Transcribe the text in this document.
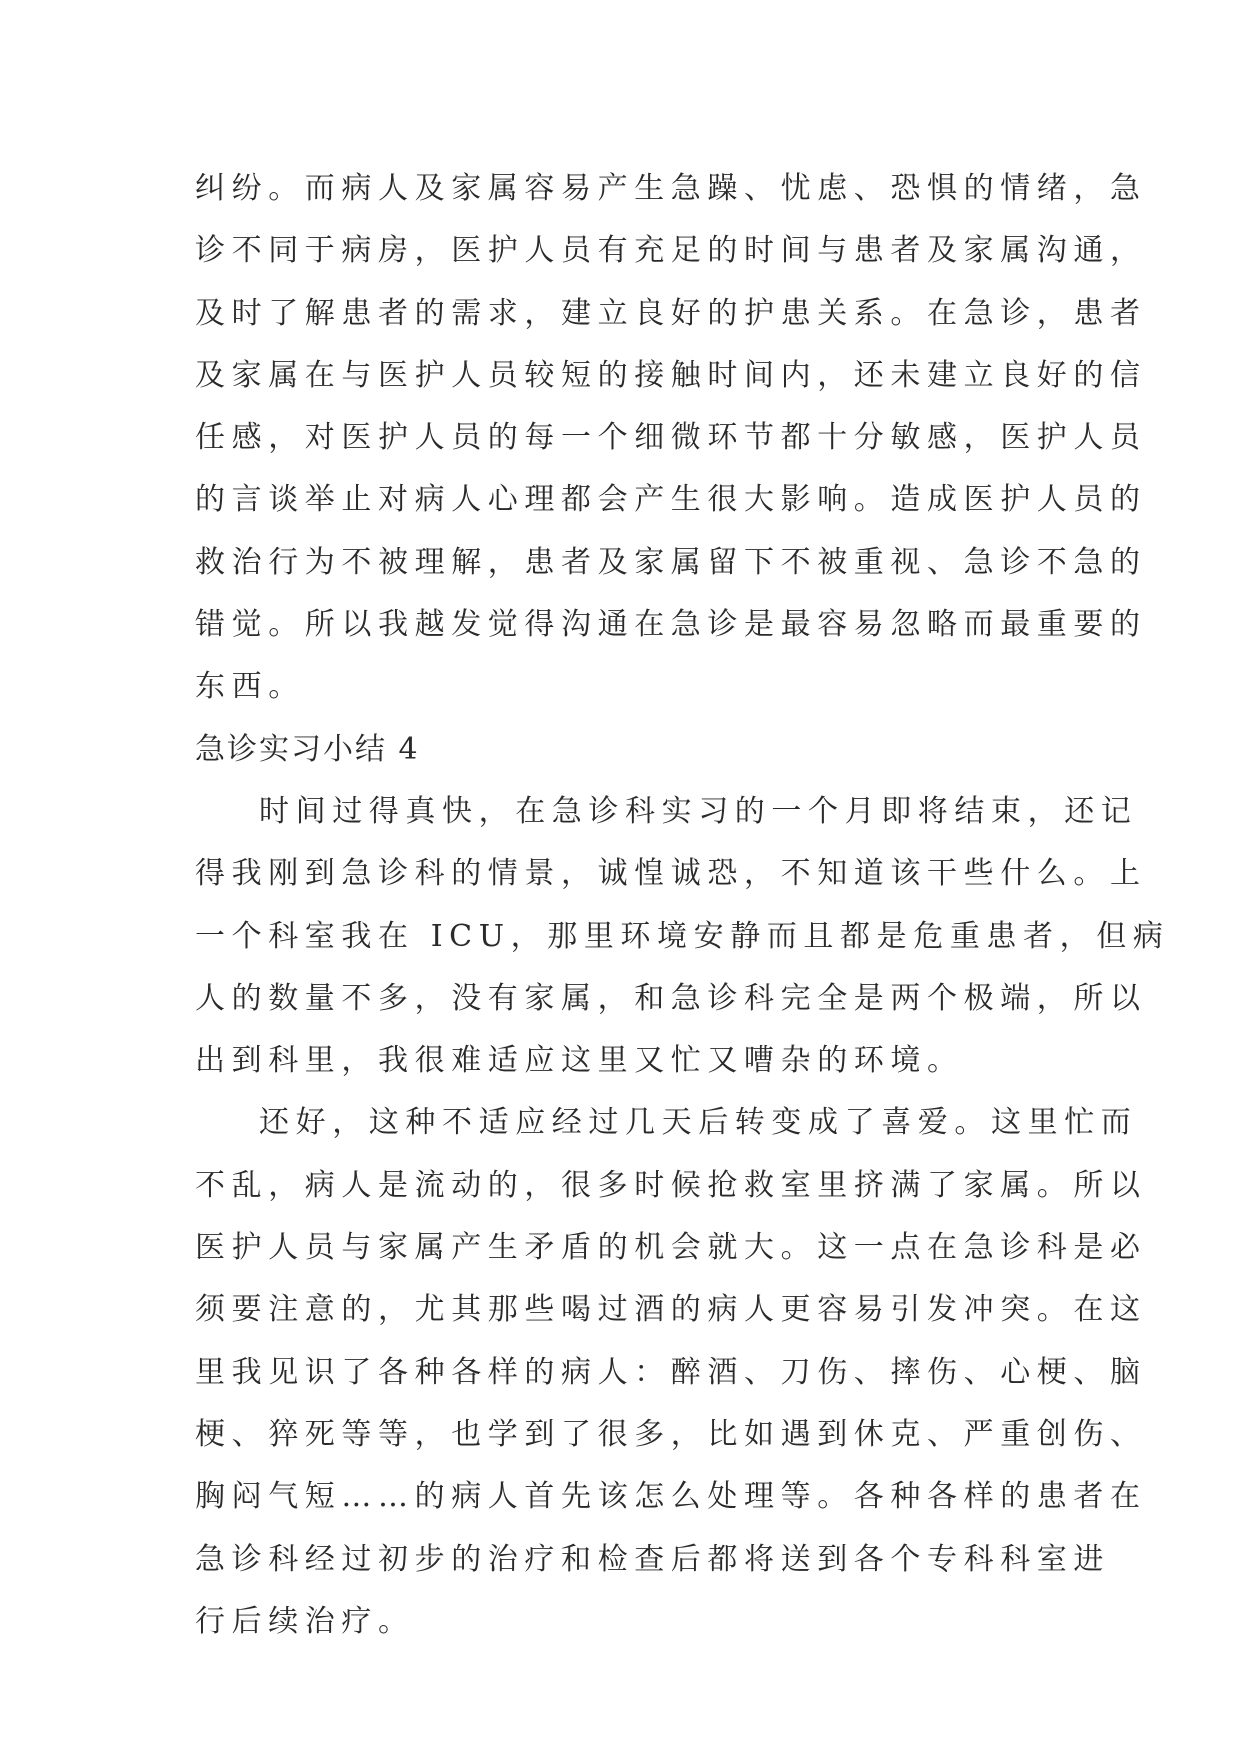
纠纷。而病人及家属容易产生急躁、忧虑、恐惧的情绪，急
诊不同于病房，医护人员有充足的时间与患者及家属沟通，
及时了解患者的需求，建立良好的护患关系。在急诊，患者
及家属在与医护人员较短的接触时间内，还未建立良好的信
任感，对医护人员的每一个细微环节都十分敏感，医护人员
的言谈举止对病人心理都会产生很大影响。造成医护人员的
救治行为不被理解，患者及家属留下不被重视、急诊不急的
错觉。所以我越发觉得沟通在急诊是最容易忽略而最重要的
东西。
急诊实习小结 4
时间过得真快，在急诊科实习的一个月即将结束，还记
得我刚到急诊科的情景，诚惶诚恐，不知道该干些什么。上
一个科室我在 ICU，那里环境安静而且都是危重患者，但病
人的数量不多，没有家属，和急诊科完全是两个极端，所以
出到科里，我很难适应这里又忙又嘈杂的环境。
还好，这种不适应经过几天后转变成了喜爱。这里忙而
不乱，病人是流动的，很多时候抢救室里挤满了家属。所以
医护人员与家属产生矛盾的机会就大。这一点在急诊科是必
须要注意的，尤其那些喝过酒的病人更容易引发冲突。在这
里我见识了各种各样的病人：醉酒、刀伤、摔伤、心梗、脑
梗、猝死等等，也学到了很多，比如遇到休克、严重创伤、
胸闷气短……的病人首先该怎么处理等。各种各样的患者在
急诊科经过初步的治疗和检查后都将送到各个专科科室进
行后续治疗。
